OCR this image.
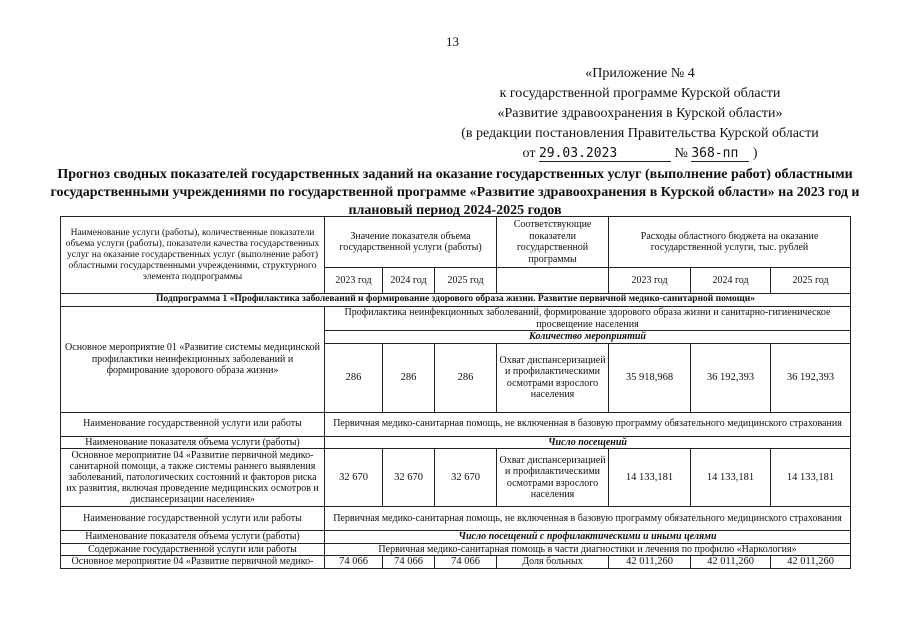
13
«Приложение № 4
к государственной программе Курской области
«Развитие здравоохранения в Курской области»
(в редакции постановления Правительства Курской области
от 29.03.2023	№ 368-пп )
Прогноз сводных показателей государственных заданий на оказание государственных услуг (выполнение работ) областными государственными учреждениями по государственной программе «Развитие здравоохранения в Курской области» на 2023 год и плановый период 2024-2025 годов
Наименование услуги (работы), количественные показатели объема услуги (работы), показатели качества государственных услуг на оказание государственных услуг (выполнение работ) областными государственными учреждениями, структурного элемента подпрограммы	Значение показателя объема государственной услуги (работы)			Соответствующие показатели государственной программы	Расходы областного бюджета на оказание государственной услуги, тыс. рублей		
	2023 год	2024 год	2025 год		2023 год	2024 год	2025 год
Подпрограмма 1 «Профилактика заболеваний и формирование здорового образа жизни. Развитие первичной медико-санитарной помощи»							
Основное мероприятие 01 «Развитие системы медицинской профилактики неинфекционных заболеваний и формирование здорового образа жизни»	Профилактика неинфекционных заболеваний, формирование здорового образа жизни и санитарно-гигиеническое просвещение населения						
	Количество мероприятий						
	286	286	286	Охват диспансеризацией и профилактическими осмотрами взрослого населения	35 918,968	36 192,393	36 192,393
Наименование государственной услуги или работы	Первичная медико-санитарная помощь, не включенная в базовую программу обязательного медицинского страхования						
Наименование показателя объема услуги (работы)	Число посещений						
Основное мероприятие 04 «Развитие первичной медико-санитарной помощи, а также системы раннего выявления заболеваний, патологических состояний и факторов риска их развития, включая проведение медицинских осмотров и диспансеризации населения»	32 670	32 670	32 670	Охват диспансеризацией и профилактическими осмотрами взрослого населения	14 133,181	14 133,181	14 133,181
Наименование государственной услуги или работы	Первичная медико-санитарная помощь, не включенная в базовую программу обязательного медицинского страхования						
Наименование показателя объема услуги (работы)	Число посещений с профилактическими и иными целями						
Содержание государственной услуги или работы	Первичная медико-санитарная помощь в части диагностики и лечения по профилю «Наркология»						
Основное мероприятие 04 «Развитие первичной медико-	74 066	74 066	74 066	Доля больных	42 011,260	42 011,260	42 011,260
